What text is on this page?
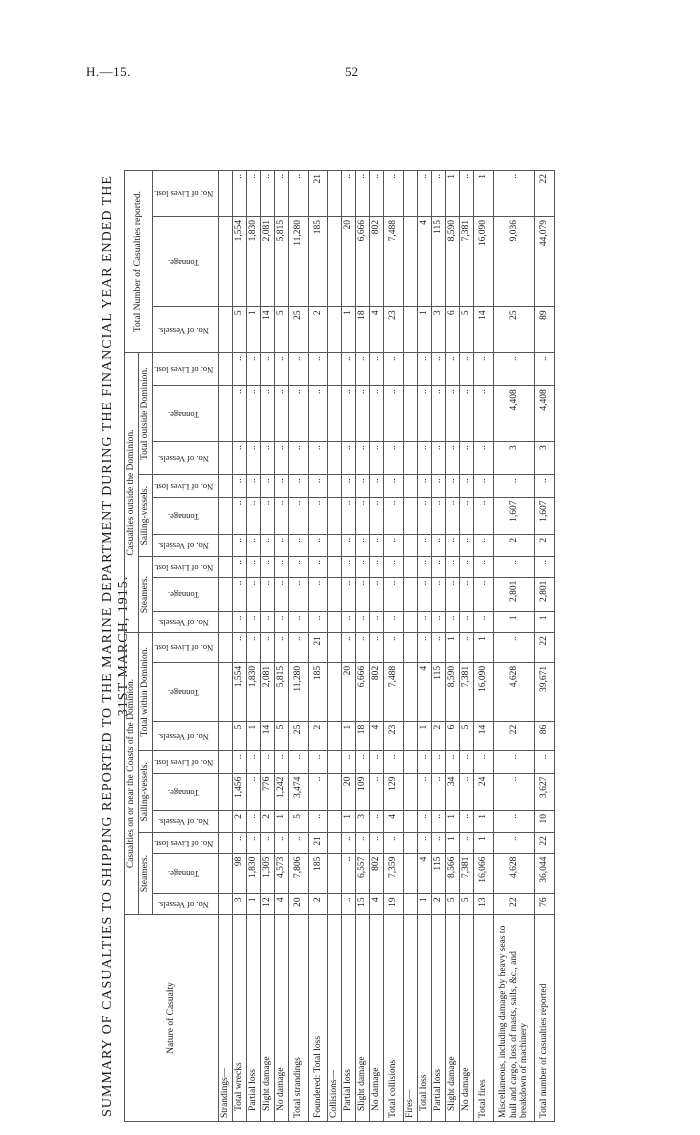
H.—15.	52
SUMMARY OF CASUALTIES TO SHIPPING REPORTED TO THE MARINE DEPARTMENT DURING THE FINANCIAL YEAR ENDED THE 31ST MARCH, 1915.
Nature of Casualty	Casualties on or near the Coasts of the Dominion.									Casualties outside the Dominion.									Total Number of Casualties reported.		
	Steamers.			Sailing-vessels.			Total within Dominion.			Steamers.			Sailing-vessels.			Total outside Dominion.					
	No. of Vessels.	Tonnage.	No. of Lives lost.	No. of Vessels.	Tonnage.	No. of Lives lost.	No. of Vessels.	Tonnage.	No. of Lives lost.	No. of Vessels.	Tonnage.	No. of Lives lost.	No. of Vessels.	Tonnage.	No. of Lives lost.	No. of Vessels.	Tonnage.	No. of Lives lost.	No. of Vessels.	Tonnage.	No. of Lives lost.
Strandings—																					
Total wrecks	3	98	..	2	1,456	..	5	1,554	..	..	..	..	..	..	..	..	..	..	5	1,554	..
Partial loss	1	1,830	..	..	..	..	1	1,830	..	..	..	..	..	..	..	..	..	..	1	1,830	..
Slight damage	12	1,305	..	2	776	..	14	2,081	..	..	..	..	..	..	..	..	..	..	14	2,081	..
No damage	4	4,573	..	1	1,242	..	5	5,815	..	..	..	..	..	..	..	..	..	..	5	5,815	..
Total strandings	20	7,806	..	5	3,474	..	25	11,280	..	..	..	..	..	..	..	..	..	..	25	11,280	..
Foundered: Total loss	2	185	21	..	..	..	2	185	21	..	..	..	..	..	..	..	..	..	2	185	21
Collisions—																					
Partial loss	..	..	..	1	20	..	1	20	..	..	..	..	..	..	..	..	..	..	1	20	..
Slight damage	15	6,557	..	3	109	..	18	6,666	..	..	..	..	..	..	..	..	..	..	18	6,666	..
No damage	4	802	..	..	..	..	4	802	..	..	..	..	..	..	..	..	..	..	4	802	..
Total collisions	19	7,359	..	4	129	..	23	7,488	..	..	..	..	..	..	..	..	..	..	23	7,488	..
Fires—																					
Total loss	1	4	..	..	..	..	1	4	..	..	..	..	..	..	..	..	..	..	1	4	..
Partial loss	2	115	..	..	..	..	2	115	..	..	..	..	..	..	..	..	..	..	3	115	..
Slight damage	5	8,566	1	1	34	..	6	8,590	1	..	..	..	..	..	..	..	..	..	6	8,590	1
No damage	5	7,381	..	..	..	..	5	7,381	..	..	..	..	..	..	..	..	..	..	5	7,381	..
Total fires	13	16,066	1	1	24	..	14	16,090	1	..	..	..	..	..	..	..	..	..	14	16,090	1
Miscellaneous, including damage by heavy seas to hull and cargo, loss of masts, sails, &c., and breakdown of machinery	22	4,628	..	..	..	..	22	4,628	..	1	2,801	..	2	1,607	..	3	4,408	..	25	9,036	..
Total number of casualties reported	76	36,044	22	10	3,627	..	86	39,671	22	1	2,801	..	2	1,607	..	3	4,408	..	89	44,079	22
